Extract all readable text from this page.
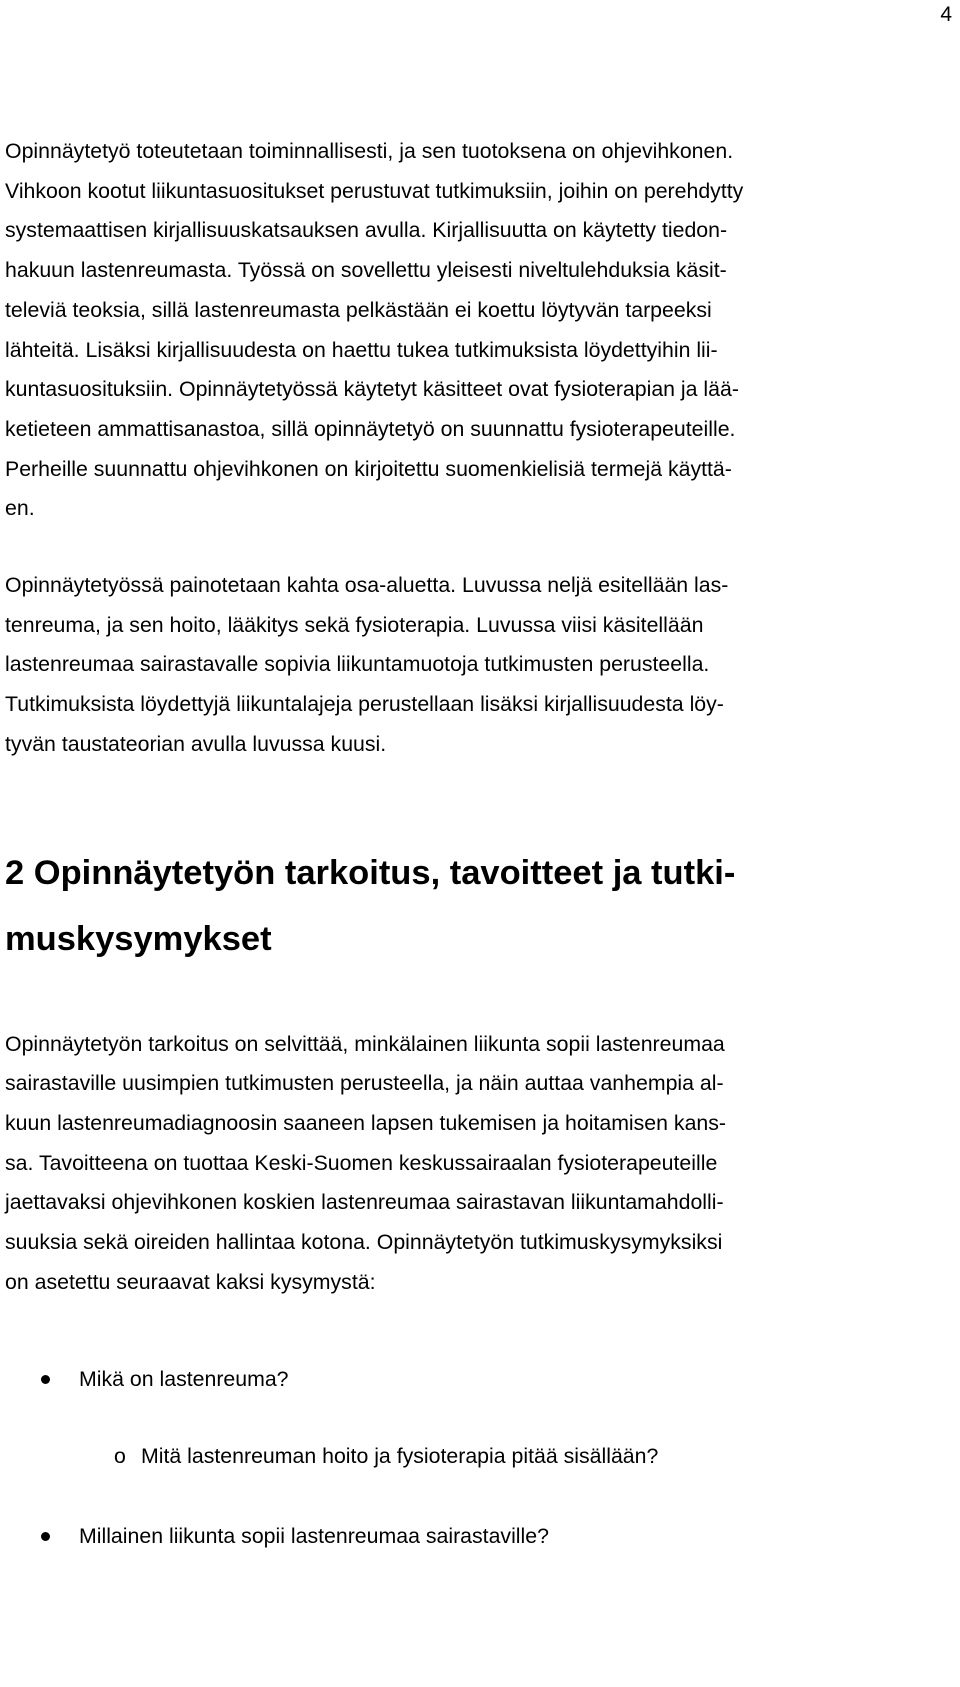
4

Opinnäytetyö toteutetaan toiminnallisesti, ja sen tuotoksena on ohjevihkonen.
Vihkoon kootut liikuntasuositukset perustuvat tutkimuksiin, joihin on perehdytty
systemaattisen kirjallisuuskatsauksen avulla. Kirjallisuutta on käytetty tiedon-
hakuun lastenreumasta. Työssä on sovellettu yleisesti niveltulehduksia käsit-
televiä teoksia, sillä lastenreumasta pelkästään ei koettu löytyvän tarpeeksi
lähteitä. Lisäksi kirjallisuudesta on haettu tukea tutkimuksista löydettyihin lii-
kuntasuosituksiin. Opinnäytetyössä käytetyt käsitteet ovat fysioterapian ja lää-
ketieteen ammattisanastoa, sillä opinnäytetyö on suunnattu fysioterapeuteille.
Perheille suunnattu ohjevihkonen on kirjoitettu suomenkielisiä termejä käyttä-
en.

Opinnäytetyössä painotetaan kahta osa-aluetta. Luvussa neljä esitellään las-
tenreuma, ja sen hoito, lääkitys sekä fysioterapia. Luvussa viisi käsitellään
lastenreumaa sairastavalle sopivia liikuntamuotoja tutkimusten perusteella.
Tutkimuksista löydettyjä liikuntalajeja perustellaan lisäksi kirjallisuudesta löy-
tyvän taustateorian avulla luvussa kuusi.

2 Opinnäytetyön tarkoitus, tavoitteet ja tutki-
muskysymykset

Opinnäytetyön tarkoitus on selvittää, minkälainen liikunta sopii lastenreumaa
sairastaville uusimpien tutkimusten perusteella, ja näin auttaa vanhempia al-
kuun lastenreumadiagnoosin saaneen lapsen tukemisen ja hoitamisen kans-
sa. Tavoitteena on tuottaa Keski-Suomen keskussairaalan fysioterapeuteille
jaettavaksi ohjevihkonen koskien lastenreumaa sairastavan liikuntamahdolli-
suuksia sekä oireiden hallintaa kotona. Opinnäytetyön tutkimuskysymyksiksi
on asetettu seuraavat kaksi kysymystä:

Mikä on lastenreuma?
o Mitä lastenreuman hoito ja fysioterapia pitää sisällään?
Millainen liikunta sopii lastenreumaa sairastaville?
